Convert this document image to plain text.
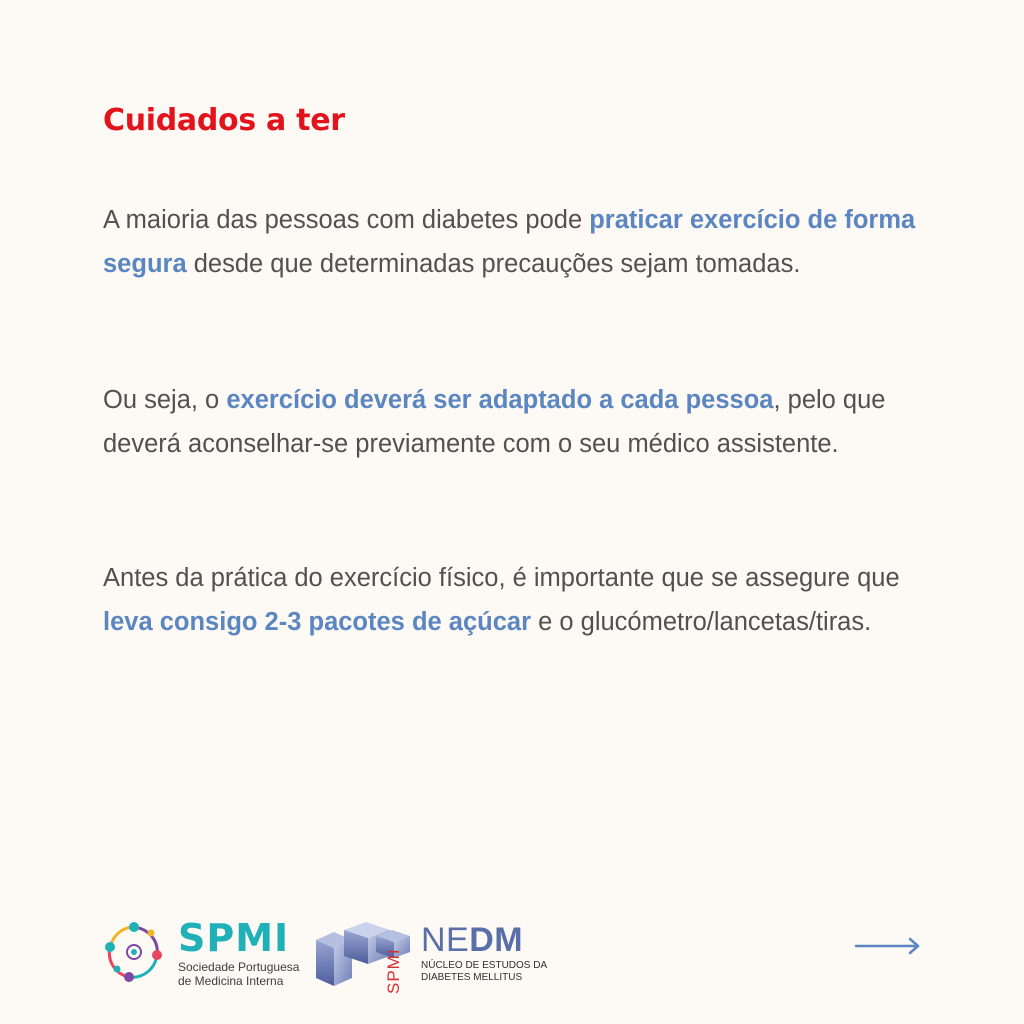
Cuidados a ter
A maioria das pessoas com diabetes pode praticar exercício de forma segura desde que determinadas precauções sejam tomadas.
Ou seja, o exercício deverá ser adaptado a cada pessoa, pelo que deverá aconselhar-se previamente com o seu médico assistente.
Antes da prática do exercício físico, é importante que se assegure que leva consigo 2-3 pacotes de açúcar e o glucómetro/lancetas/tiras.
SPMI
Sociedade Portuguesa
de Medicina Interna	SPMI
NEDM
NÚCLEO DE ESTUDOS DA
DIABETES MELLITUS
